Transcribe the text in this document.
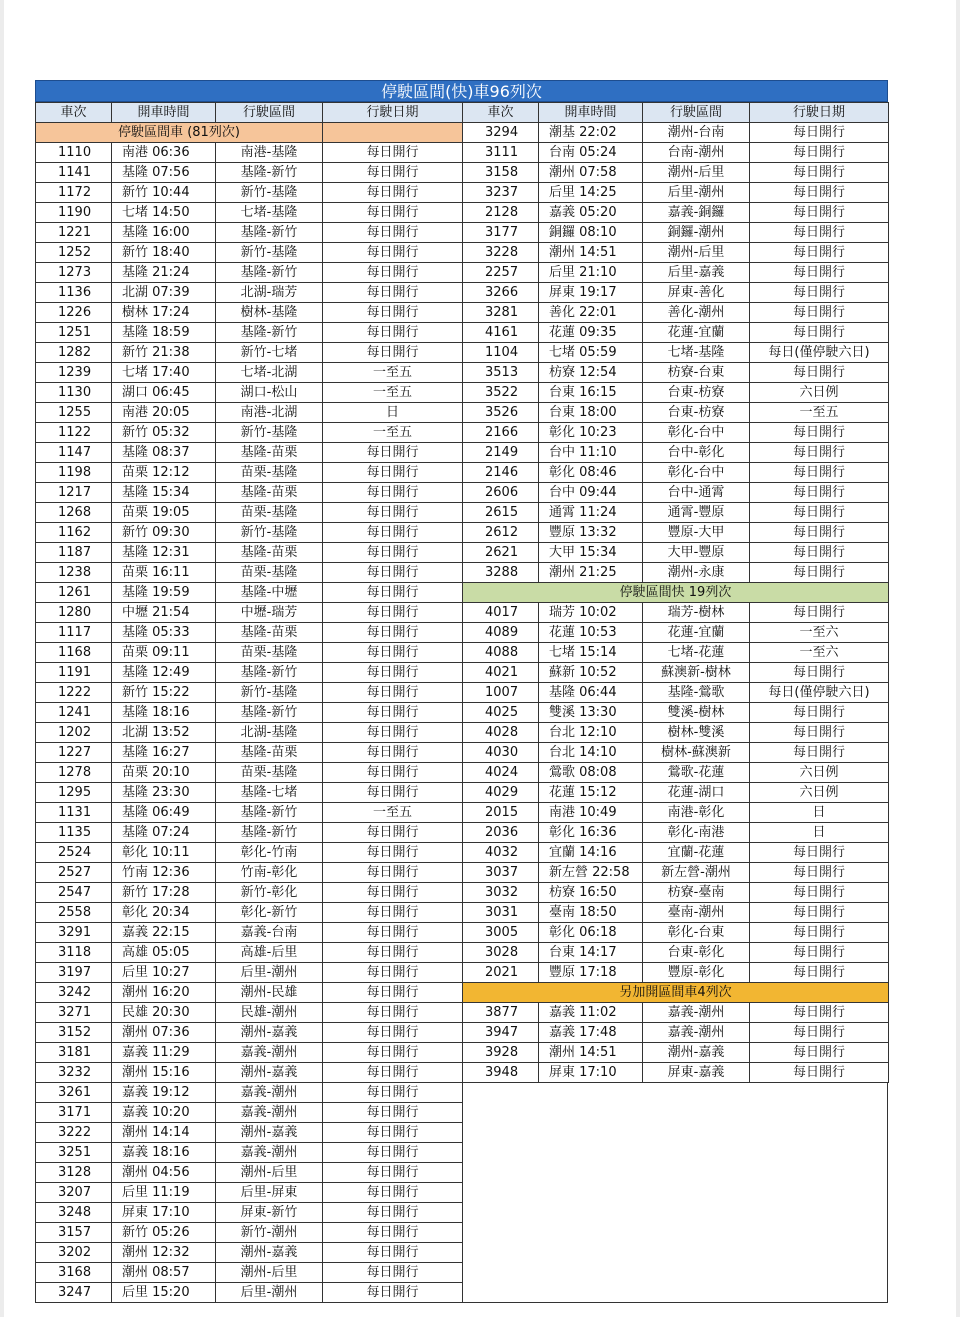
停駛區間(快)車96列次
車次	開車時間	行駛區間	行駛日期
停駛區間車 (81列次)			
1110	南港 06:36	南港-基隆	每日開行
1141	基隆 07:56	基隆-新竹	每日開行
1172	新竹 10:44	新竹-基隆	每日開行
1190	七堵 14:50	七堵-基隆	每日開行
1221	基隆 16:00	基隆-新竹	每日開行
1252	新竹 18:40	新竹-基隆	每日開行
1273	基隆 21:24	基隆-新竹	每日開行
1136	北湖 07:39	北湖-瑞芳	每日開行
1226	樹林 17:24	樹林-基隆	每日開行
1251	基隆 18:59	基隆-新竹	每日開行
1282	新竹 21:38	新竹-七堵	每日開行
1239	七堵 17:40	七堵-北湖	一至五
1130	湖口 06:45	湖口-松山	一至五
1255	南港 20:05	南港-北湖	日
1122	新竹 05:32	新竹-基隆	一至五
1147	基隆 08:37	基隆-苗栗	每日開行
1198	苗栗 12:12	苗栗-基隆	每日開行
1217	基隆 15:34	基隆-苗栗	每日開行
1268	苗栗 19:05	苗栗-基隆	每日開行
1162	新竹 09:30	新竹-基隆	每日開行
1187	基隆 12:31	基隆-苗栗	每日開行
1238	苗栗 16:11	苗栗-基隆	每日開行
1261	基隆 19:59	基隆-中壢	每日開行
1280	中壢 21:54	中壢-瑞芳	每日開行
1117	基隆 05:33	基隆-苗栗	每日開行
1168	苗栗 09:11	苗栗-基隆	每日開行
1191	基隆 12:49	基隆-新竹	每日開行
1222	新竹 15:22	新竹-基隆	每日開行
1241	基隆 18:16	基隆-新竹	每日開行
1202	北湖 13:52	北湖-基隆	每日開行
1227	基隆 16:27	基隆-苗栗	每日開行
1278	苗栗 20:10	苗栗-基隆	每日開行
1295	基隆 23:30	基隆-七堵	每日開行
1131	基隆 06:49	基隆-新竹	一至五
1135	基隆 07:24	基隆-新竹	每日開行
2524	彰化 10:11	彰化-竹南	每日開行
2527	竹南 12:36	竹南-彰化	每日開行
2547	新竹 17:28	新竹-彰化	每日開行
2558	彰化 20:34	彰化-新竹	每日開行
3291	嘉義 22:15	嘉義-台南	每日開行
3118	高雄 05:05	高雄-后里	每日開行
3197	后里 10:27	后里-潮州	每日開行
3242	潮州 16:20	潮州-民雄	每日開行
3271	民雄 20:30	民雄-潮州	每日開行
3152	潮州 07:36	潮州-嘉義	每日開行
3181	嘉義 11:29	嘉義-潮州	每日開行
3232	潮州 15:16	潮州-嘉義	每日開行
3261	嘉義 19:12	嘉義-潮州	每日開行
3171	嘉義 10:20	嘉義-潮州	每日開行
3222	潮州 14:14	潮州-嘉義	每日開行
3251	嘉義 18:16	嘉義-潮州	每日開行
3128	潮州 04:56	潮州-后里	每日開行
3207	后里 11:19	后里-屏東	每日開行
3248	屏東 17:10	屏東-新竹	每日開行
3157	新竹 05:26	新竹-潮州	每日開行
3202	潮州 12:32	潮州-嘉義	每日開行
3168	潮州 08:57	潮州-后里	每日開行
3247	后里 15:20	后里-潮州	每日開行
車次	開車時間	行駛區間	行駛日期
3294	潮基 22:02	潮州-台南	每日開行
3111	台南 05:24	台南-潮州	每日開行
3158	潮州 07:58	潮州-后里	每日開行
3237	后里 14:25	后里-潮州	每日開行
2128	嘉義 05:20	嘉義-銅鑼	每日開行
3177	銅鑼 08:10	銅鑼-潮州	每日開行
3228	潮州 14:51	潮州-后里	每日開行
2257	后里 21:10	后里-嘉義	每日開行
3266	屏東 19:17	屏東-善化	每日開行
3281	善化 22:01	善化-潮州	每日開行
4161	花蓮 09:35	花蓮-宜蘭	每日開行
1104	七堵 05:59	七堵-基隆	每日(僅停駛六日)
3513	枋寮 12:54	枋寮-台東	每日開行
3522	台東 16:15	台東-枋寮	六日例
3526	台東 18:00	台東-枋寮	一至五
2166	彰化 10:23	彰化-台中	每日開行
2149	台中 11:10	台中-彰化	每日開行
2146	彰化 08:46	彰化-台中	每日開行
2606	台中 09:44	台中-通霄	每日開行
2615	通霄 11:24	通霄-豐原	每日開行
2612	豐原 13:32	豐原-大甲	每日開行
2621	大甲 15:34	大甲-豐原	每日開行
3288	潮州 21:25	潮州-永康	每日開行
停駛區間快 19列次			
4017	瑞芳 10:02	瑞芳-樹林	每日開行
4089	花蓮 10:53	花蓮-宜蘭	一至六
4088	七堵 15:14	七堵-花蓮	一至六
4021	蘇新 10:52	蘇澳新-樹林	每日開行
1007	基隆 06:44	基隆-鶯歌	每日(僅停駛六日)
4025	雙溪 13:30	雙溪-樹林	每日開行
4028	台北 12:10	樹林-雙溪	每日開行
4030	台北 14:10	樹林-蘇澳新	每日開行
4024	鶯歌 08:08	鶯歌-花蓮	六日例
4029	花蓮 15:12	花蓮-湖口	六日例
2015	南港 10:49	南港-彰化	日
2036	彰化 16:36	彰化-南港	日
4032	宜蘭 14:16	宜蘭-花蓮	每日開行
3037	新左營 22:58	新左營-潮州	每日開行
3032	枋寮 16:50	枋寮-臺南	每日開行
3031	臺南 18:50	臺南-潮州	每日開行
3005	彰化 06:18	彰化-台東	每日開行
3028	台東 14:17	台東-彰化	每日開行
2021	豐原 17:18	豐原-彰化	每日開行
另加開區間車4列次			
3877	嘉義 11:02	嘉義-潮州	每日開行
3947	嘉義 17:48	嘉義-潮州	每日開行
3928	潮州 14:51	潮州-嘉義	每日開行
3948	屏東 17:10	屏東-嘉義	每日開行
